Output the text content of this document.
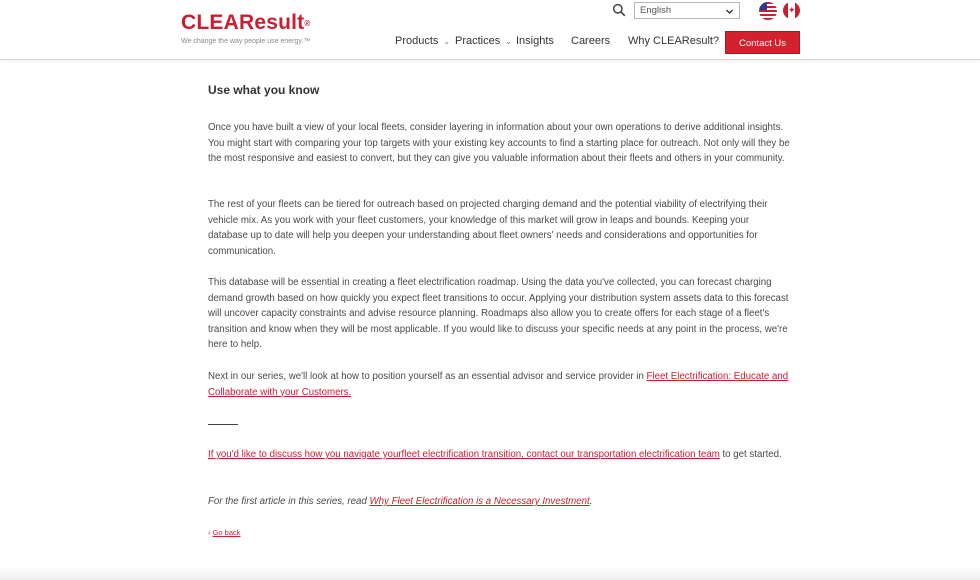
CLEAResult®
We change the way people use energy.™
English	✦
Products ⌄ Practices ⌄ Insights Careers Why CLEAResult?	Contact Us
Use what you know

Once you have built a view of your local fleets, consider layering in information about your own operations to derive additional insights. You might start with comparing your top targets with your existing key accounts to find a starting place for outreach. Not only will they be the most responsive and easiest to convert, but they can give you valuable information about their fleets and others in your community.

The rest of your fleets can be tiered for outreach based on projected charging demand and the potential viability of electrifying their vehicle mix. As you work with your fleet customers, your knowledge of this market will grow in leaps and bounds. Keeping your database up to date will help you deepen your understanding about fleet owners' needs and considerations and opportunities for communication.

This database will be essential in creating a fleet electrification roadmap. Using the data you've collected, you can forecast charging demand growth based on how quickly you expect fleet transitions to occur. Applying your distribution system assets data to this forecast will uncover capacity constraints and advise resource planning. Roadmaps also allow you to create offers for each stage of a fleet's transition and know when they will be most applicable. If you would like to discuss your specific needs at any point in the process, we're here to help.

Next in our series, we'll look at how to position yourself as an essential advisor and service provider in Fleet Electrification: Educate and Collaborate with your Customers.

If you'd like to discuss how you navigate yourfleet electrification transition, contact our transportation electrification team to get started.

For the first article in this series, read Why Fleet Electrification is a Necessary Investment.

‹ Go back
